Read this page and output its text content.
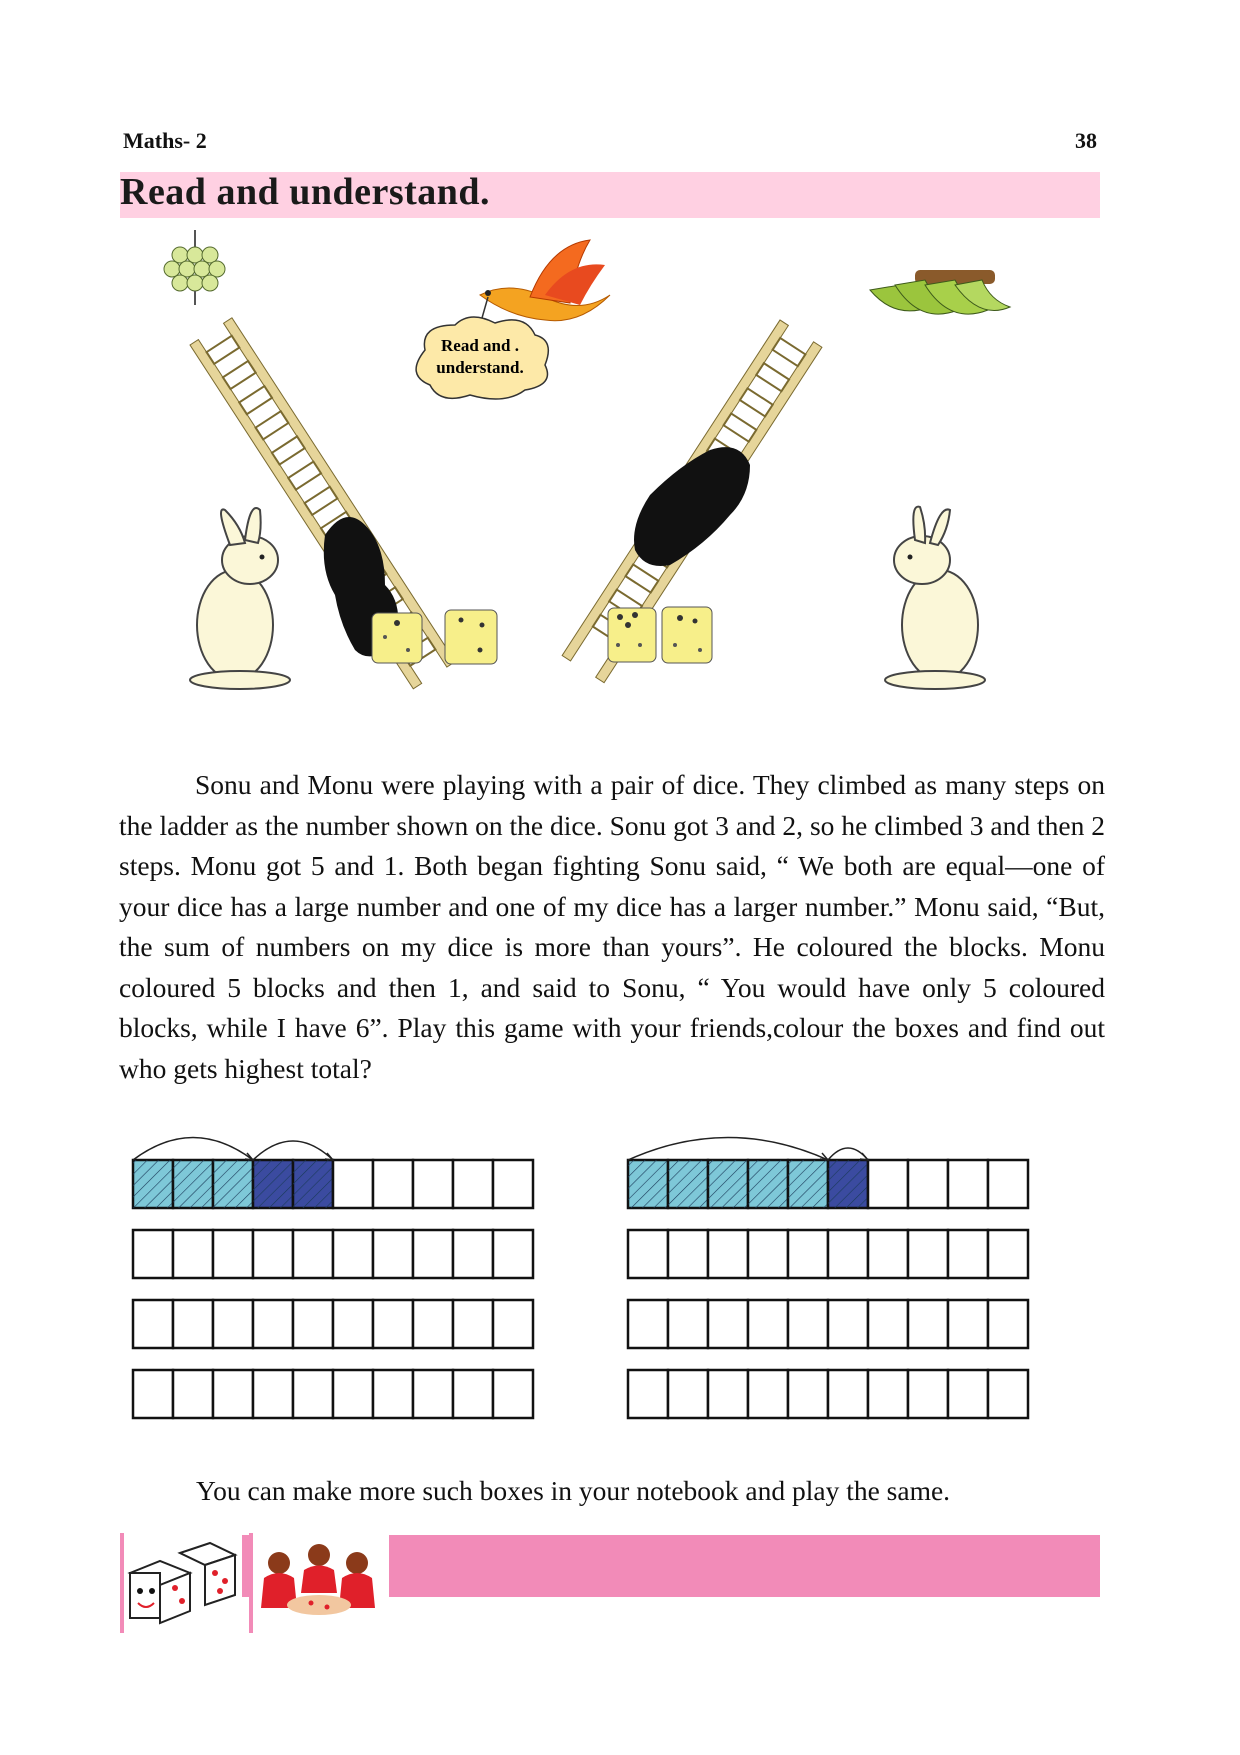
Maths- 2	38
Read and understand.
Read and .
understand.

Sonu and Monu were playing with a pair of dice. They climbed as many steps on the ladder as the number shown on the dice. Sonu got 3 and 2, so he climbed 3 and then 2 steps. Monu got 5 and 1. Both began fighting Sonu said, “ We both are equal—one of your dice has a large number and one of my dice has a larger number.” Monu said, “But, the sum of numbers on my dice is more than yours”. He coloured the blocks. Monu coloured 5 blocks and then 1, and said to Sonu, “ You would have only 5 coloured blocks, while I have 6”. Play this game with your friends,colour the boxes and find out who gets highest total?

You can make more such boxes in your notebook and play the same.
